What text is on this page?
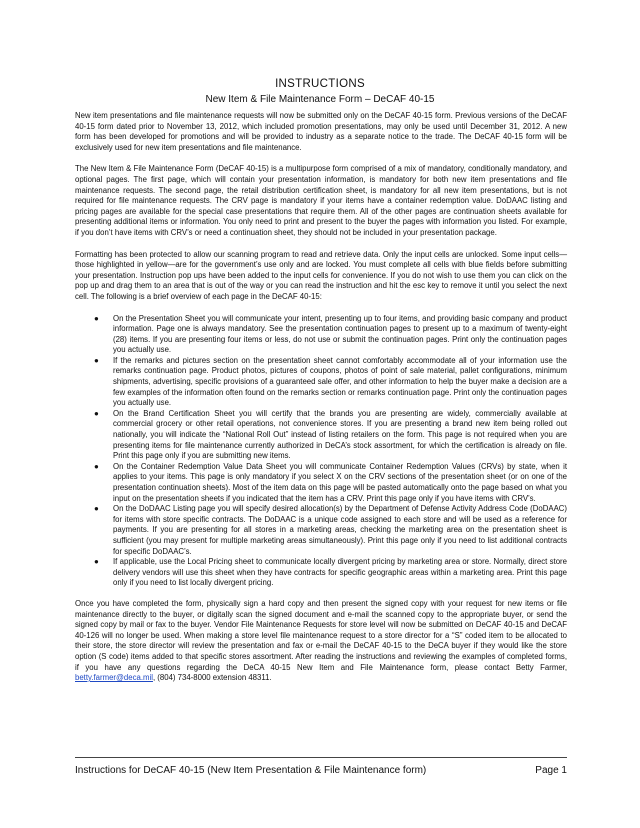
INSTRUCTIONS
New Item & File Maintenance Form – DeCAF 40-15

New item presentations and file maintenance requests will now be submitted only on the DeCAF 40-15 form. Previous versions of the DeCAF 40-15 form dated prior to November 13, 2012, which included promotion presentations, may only be used until December 31, 2012. A new form has been developed for promotions and will be provided to industry as a separate notice to the trade. The DeCAF 40-15 form will be exclusively used for new item presentations and file maintenance.

The New Item & File Maintenance Form (DeCAF 40-15) is a multipurpose form comprised of a mix of mandatory, conditionally mandatory, and optional pages. The first page, which will contain your presentation information, is mandatory for both new item presentations and file maintenance requests. The second page, the retail distribution certification sheet, is mandatory for all new item presentations, but is not required for file maintenance requests. The CRV page is mandatory if your items have a container redemption value. DoDAAC listing and pricing pages are available for the special case presentations that require them. All of the other pages are continuation sheets available for presenting additional items or information. You only need to print and present to the buyer the pages with information you listed. For example, if you don’t have items with CRV’s or need a continuation sheet, they should not be included in your presentation package.

Formatting has been protected to allow our scanning program to read and retrieve data. Only the input cells are unlocked. Some input cells—those highlighted in yellow—are for the government’s use only and are locked. You must complete all cells with blue fields before submitting your presentation. Instruction pop ups have been added to the input cells for convenience. If you do not wish to use them you can click on the pop up and drag them to an area that is out of the way or you can read the instruction and hit the esc key to remove it until you select the next cell. The following is a brief overview of each page in the DeCAF 40-15:

● On the Presentation Sheet you will communicate your intent, presenting up to four items, and providing basic company and product information. Page one is always mandatory. See the presentation continuation pages to present up to a maximum of twenty-eight (28) items. If you are presenting four items or less, do not use or submit the continuation pages. Print only the continuation pages you actually use.
● If the remarks and pictures section on the presentation sheet cannot comfortably accommodate all of your information use the remarks continuation page. Product photos, pictures of coupons, photos of point of sale material, pallet configurations, minimum shipments, advertising, specific provisions of a guaranteed sale offer, and other information to help the buyer make a decision are a few examples of the information often found on the remarks section or remarks continuation page. Print only the continuation pages you actually use.
● On the Brand Certification Sheet you will certify that the brands you are presenting are widely, commercially available at commercial grocery or other retail operations, not convenience stores. If you are presenting a brand new item being rolled out nationally, you will indicate the “National Roll Out” instead of listing retailers on the form. This page is not required when you are presenting items for file maintenance currently authorized in DeCA’s stock assortment, for which the certification is already on file. Print this page only if you are submitting new items.
● On the Container Redemption Value Data Sheet you will communicate Container Redemption Values (CRVs) by state, when it applies to your items. This page is only mandatory if you select X on the CRV sections of the presentation sheet (or on one of the presentation continuation sheets). Most of the item data on this page will be pasted automatically onto the page based on what you input on the presentation sheets if you indicated that the item has a CRV. Print this page only if you have items with CRV’s.
● On the DoDAAC Listing page you will specify desired allocation(s) by the Department of Defense Activity Address Code (DoDAAC) for items with store specific contracts. The DoDAAC is a unique code assigned to each store and will be used as a reference for payments. If you are presenting for all stores in a marketing areas, checking the marketing area on the presentation sheet is sufficient (you may present for multiple marketing areas simultaneously). Print this page only if you need to list additional contracts for specific DoDAAC’s.
● If applicable, use the Local Pricing sheet to communicate locally divergent pricing by marketing area or store. Normally, direct store delivery vendors will use this sheet when they have contracts for specific geographic areas within a marketing area. Print this page only if you need to list locally divergent pricing.

Once you have completed the form, physically sign a hard copy and then present the signed copy with your request for new items or file maintenance directly to the buyer, or digitally scan the signed document and e-mail the scanned copy to the appropriate buyer, or send the signed copy by mail or fax to the buyer. Vendor File Maintenance Requests for store level will now be submitted on DeCAF 40-15 and DeCAF 40-126 will no longer be used. When making a store level file maintenance request to a store director for a “S” coded item to be allocated to their store, the store director will review the presentation and fax or e-mail the DeCAF 40-15 to the DeCA buyer if they would like the store option (S code) items added to that specific stores assortment. After reading the instructions and reviewing the examples of completed forms, if you have any questions regarding the DeCA 40-15 New Item and File Maintenance form, please contact Betty Farmer, betty.farmer@deca.mil, (804) 734-8000 extension 48311.

Instructions for DeCAF 40-15 (New Item Presentation & File Maintenance form)	Page 1
